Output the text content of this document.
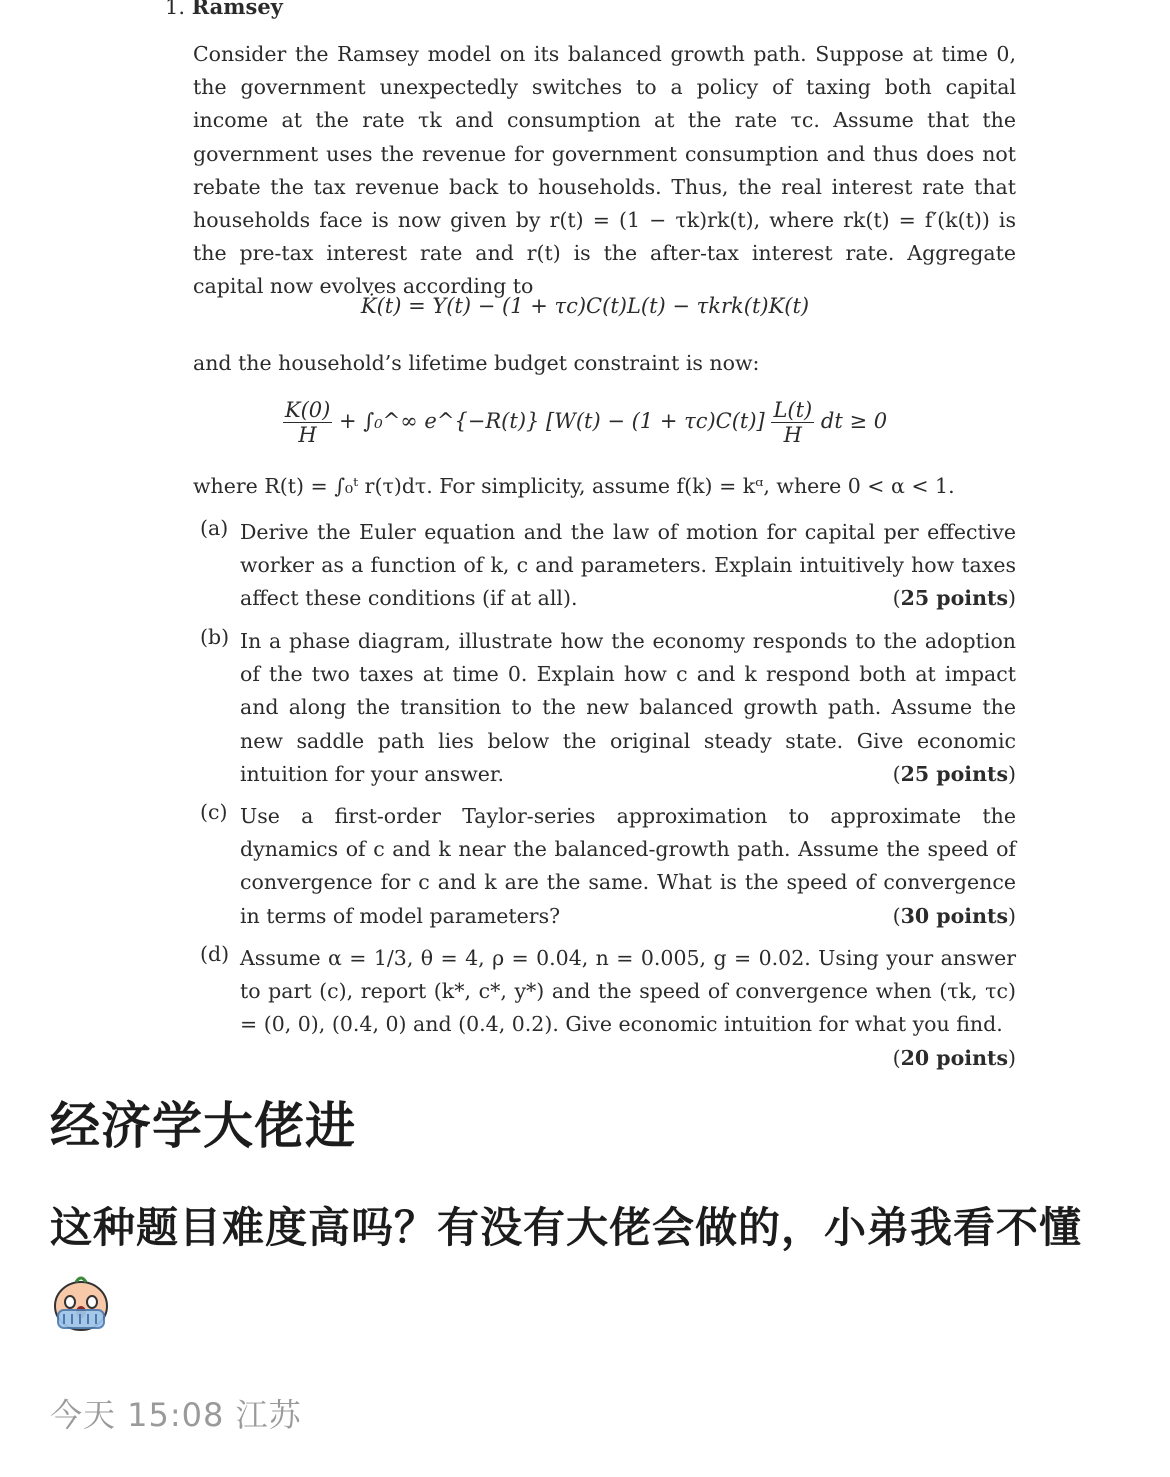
1. Ramsey
Consider the Ramsey model on its balanced growth path. Suppose at time 0, the government unexpectedly switches to a policy of taxing both capital income at the rate τk and consumption at the rate τc. Assume that the government uses the revenue for government consumption and thus does not rebate the tax revenue back to households. Thus, the real interest rate that households face is now given by r(t) = (1 − τk)rk(t), where rk(t) = f′(k(t)) is the pre-tax interest rate and r(t) is the after-tax interest rate. Aggregate capital now evolves according to
K̇(t) = Y(t) − (1 + τc)C(t)L(t) − τkrk(t)K(t)
and the household’s lifetime budget constraint is now:
$\frac{K(0)}{H}$ + ∫₀^∞ e^{−R(t)} $[W(t) - (1 + \tau c)C(t)] \frac{L(t)}{H}$ dt ≥ 0
where R(t) = ∫₀ᵗ r(τ)dτ. For simplicity, assume f(k) = kᵅ, where 0 < α < 1.
(a) Derive the Euler equation and the law of motion for capital per effective worker as a function of k, c and parameters. Explain intuitively how taxes affect these conditions (if at all).	(25 points)
(b) In a phase diagram, illustrate how the economy responds to the adoption of the two taxes at time 0. Explain how c and k respond both at impact and along the transition to the new balanced growth path. Assume the new saddle path lies below the original steady state. Give economic intuition for your answer.	(25 points)
(c) Use a first-order Taylor-series approximation to approximate the dynamics of c and k near the balanced-growth path. Assume the speed of convergence for c and k are the same. What is the speed of convergence in terms of model parameters?	(30 points)
(d) Assume α = 1/3, θ = 4, ρ = 0.04, n = 0.005, g = 0.02. Using your answer to part (c), report (k*, c*, y*) and the speed of convergence when (τk, τc) = (0, 0), (0.4, 0) and (0.4, 0.2). Give economic intuition for what you find.
(20 points)
经济学大佬进
这种题目难度高吗？有没有大佬会做的，小弟我看不懂
今天 15:08 江苏
